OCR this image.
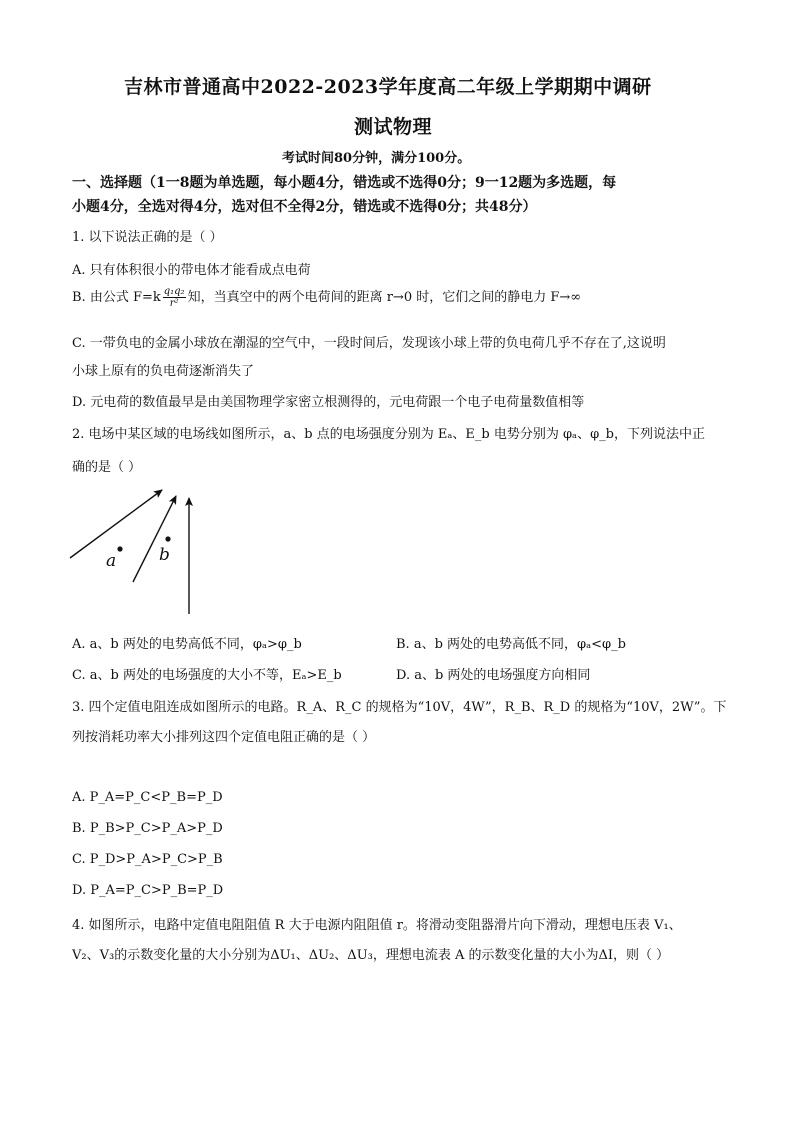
吉林市普通高中2022-2023学年度高二年级上学期期中调研
测试物理
考试时间80分钟，满分100分。
一、选择题（1一8题为单选题，每小题4分，错选或不选得0分；9一12题为多选题，每
小题4分，全选对得4分，选对但不全得2分，错选或不选得0分；共48分）
1. 以下说法正确的是（ ）
A. 只有体积很小的带电体才能看成点电荷
B. 由公式 $F=k \frac{\text{q₁q₂}}{\text{r²}}$ 知，当真空中的两个电荷间的距离 r→0 时，它们之间的静电力 F→∞
C. 一带负电的金属小球放在潮湿的空气中，一段时间后，发现该小球上带的负电荷几乎不存在了,这说明
小球上原有的负电荷逐渐消失了
D. 元电荷的数值最早是由美国物理学家密立根测得的，元电荷跟一个电子电荷量数值相等
2. 电场中某区域的电场线如图所示，a、b 点的电场强度分别为 Eₐ、E_b 电势分别为 φₐ、φ_b，下列说法中正
确的是（ ）
a	b
A. a、b 两处的电势高低不同，φₐ>φ_b	B. a、b 两处的电势高低不同，φₐ<φ_b
C. a、b 两处的电场强度的大小不等，Eₐ>E_b	D. a、b 两处的电场强度方向相同
3. 四个定值电阻连成如图所示的电路。R_A、R_C 的规格为“10V，4W”，R_B、R_D 的规格为“10V，2W”。下
列按消耗功率大小排列这四个定值电阻正确的是（ ）
A. P_A=P_C<P_B=P_D
B. P_B>P_C>P_A>P_D
C. P_D>P_A>P_C>P_B
D. P_A=P_C>P_B=P_D
4. 如图所示，电路中定值电阻阻值 R 大于电源内阻阻值 r。将滑动变阻器滑片向下滑动，理想电压表 V₁、
V₂、V₃的示数变化量的大小分别为ΔU₁、ΔU₂、ΔU₃，理想电流表 A 的示数变化量的大小为ΔI，则（ ）
